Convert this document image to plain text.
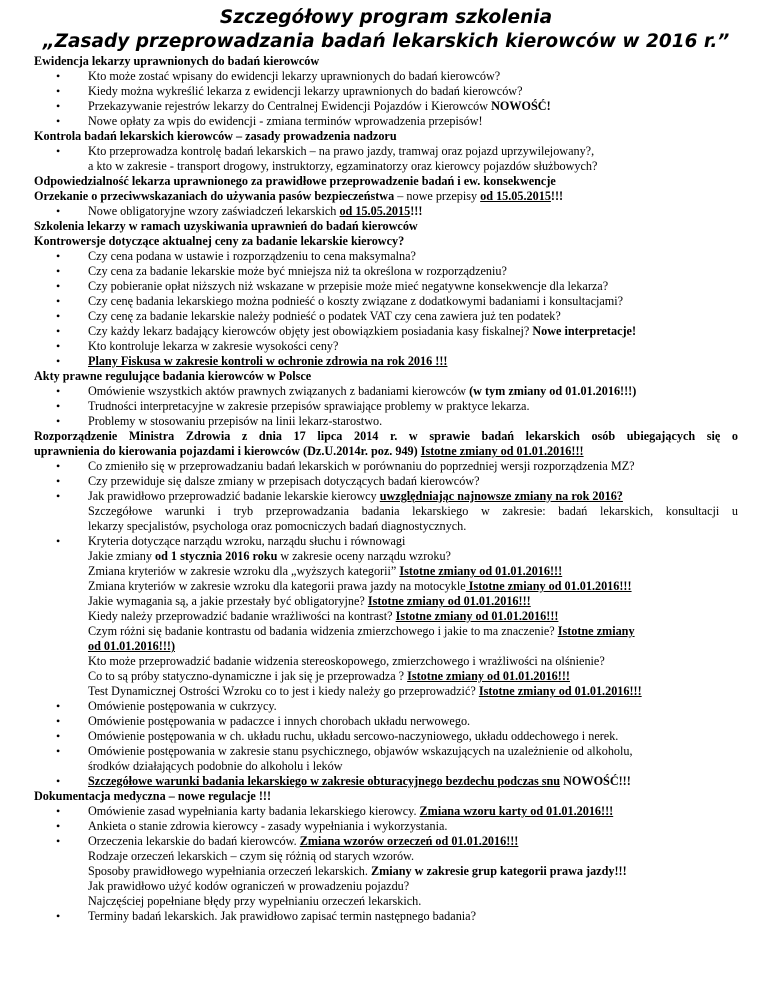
Szczegółowy program szkolenia
„Zasady przeprowadzania badań lekarskich kierowców w 2016 r.”
Ewidencja lekarzy uprawnionych do badań kierowców
• Kto może zostać wpisany do ewidencji lekarzy uprawnionych do badań kierowców?
• Kiedy można wykreślić lekarza z ewidencji lekarzy uprawnionych do badań kierowców?
• Przekazywanie rejestrów lekarzy do Centralnej Ewidencji Pojazdów i Kierowców NOWOŚĆ!
• Nowe opłaty za wpis do ewidencji - zmiana terminów wprowadzenia przepisów!
Kontrola badań lekarskich kierowców – zasady prowadzenia nadzoru
• Kto przeprowadza kontrolę badań lekarskich – na prawo jazdy, tramwaj oraz pojazd uprzywilejowany?,
a kto w zakresie - transport drogowy, instruktorzy, egzaminatorzy oraz kierowcy pojazdów służbowych?
Odpowiedzialność lekarza uprawnionego za prawidłowe przeprowadzenie badań i ew. konsekwencje
Orzekanie o przeciwwskazaniach do używania pasów bezpieczeństwa – nowe przepisy od 15.05.2015!!!
• Nowe obligatoryjne wzory zaświadczeń lekarskich od 15.05.2015!!!
Szkolenia lekarzy w ramach uzyskiwania uprawnień do badań kierowców
Kontrowersje dotyczące aktualnej ceny za badanie lekarskie kierowcy?
• Czy cena podana w ustawie i rozporządzeniu to cena maksymalna?
• Czy cena za badanie lekarskie może być mniejsza niż ta określona w rozporządzeniu?
• Czy pobieranie opłat niższych niż wskazane w przepisie może mieć negatywne konsekwencje dla lekarza?
• Czy cenę badania lekarskiego można podnieść o koszty związane z dodatkowymi badaniami i konsultacjami?
• Czy cenę za badanie lekarskie należy podnieść o podatek VAT czy cena zawiera już ten podatek?
• Czy każdy lekarz badający kierowców objęty jest obowiązkiem posiadania kasy fiskalnej? Nowe interpretacje!
• Kto kontroluje lekarza w zakresie wysokości ceny?
• Plany Fiskusa w zakresie kontroli w ochronie zdrowia na rok 2016 !!!
Akty prawne regulujące badania kierowców w Polsce
• Omówienie wszystkich aktów prawnych związanych z badaniami kierowców (w tym zmiany od 01.01.2016!!!)
• Trudności interpretacyjne w zakresie przepisów sprawiające problemy w praktyce lekarza.
• Problemy w stosowaniu przepisów na linii lekarz-starostwo.
Rozporządzenie Ministra Zdrowia z dnia 17 lipca 2014 r. w sprawie badań lekarskich osób ubiegających się o
uprawnienia do kierowania pojazdami i kierowców (Dz.U.2014r. poz. 949) Istotne zmiany od 01.01.2016!!!
• Co zmieniło się w przeprowadzaniu badań lekarskich w porównaniu do poprzedniej wersji rozporządzenia MZ?
• Czy przewiduje się dalsze zmiany w przepisach dotyczących badań kierowców?
• Jak prawidłowo przeprowadzić badanie lekarskie kierowcy uwzględniając najnowsze zmiany na rok 2016?
Szczegółowe warunki i tryb przeprowadzania badania lekarskiego w zakresie: badań lekarskich, konsultacji u
lekarzy specjalistów, psychologa oraz pomocniczych badań diagnostycznych.
• Kryteria dotyczące narządu wzroku, narządu słuchu i równowagi
Jakie zmiany od 1 stycznia 2016 roku w zakresie oceny narządu wzroku?
Zmiana kryteriów w zakresie wzroku dla „wyższych kategorii” Istotne zmiany od 01.01.2016!!!
Zmiana kryteriów w zakresie wzroku dla kategorii prawa jazdy na motocykle Istotne zmiany od 01.01.2016!!!
Jakie wymagania są, a jakie przestały być obligatoryjne? Istotne zmiany od 01.01.2016!!!
Kiedy należy przeprowadzić badanie wrażliwości na kontrast? Istotne zmiany od 01.01.2016!!!
Czym różni się badanie kontrastu od badania widzenia zmierzchowego i jakie to ma znaczenie? Istotne zmiany
od 01.01.2016!!!)
Kto może przeprowadzić badanie widzenia stereoskopowego, zmierzchowego i wrażliwości na olśnienie?
Co to są próby statyczno-dynamiczne i jak się je przeprowadza ? Istotne zmiany od 01.01.2016!!!
Test Dynamicznej Ostrości Wzroku co to jest i kiedy należy go przeprowadzić? Istotne zmiany od 01.01.2016!!!
• Omówienie postępowania w cukrzycy.
• Omówienie postępowania w padaczce i innych chorobach układu nerwowego.
• Omówienie postępowania w ch. układu ruchu, układu sercowo-naczyniowego, układu oddechowego i nerek.
• Omówienie postępowania w zakresie stanu psychicznego, objawów wskazujących na uzależnienie od alkoholu,
środków działających podobnie do alkoholu i leków
• Szczegółowe warunki badania lekarskiego w zakresie obturacyjnego bezdechu podczas snu NOWOŚĆ!!!
Dokumentacja medyczna – nowe regulacje !!!
• Omówienie zasad wypełniania karty badania lekarskiego kierowcy. Zmiana wzoru karty od 01.01.2016!!!
• Ankieta o stanie zdrowia kierowcy - zasady wypełniania i wykorzystania.
• Orzeczenia lekarskie do badań kierowców. Zmiana wzorów orzeczeń od 01.01.2016!!!
Rodzaje orzeczeń lekarskich – czym się różnią od starych wzorów.
Sposoby prawidłowego wypełniania orzeczeń lekarskich. Zmiany w zakresie grup kategorii prawa jazdy!!!
Jak prawidłowo użyć kodów ograniczeń w prowadzeniu pojazdu?
Najczęściej popełniane błędy przy wypełnianiu orzeczeń lekarskich.
• Terminy badań lekarskich. Jak prawidłowo zapisać termin następnego badania?
